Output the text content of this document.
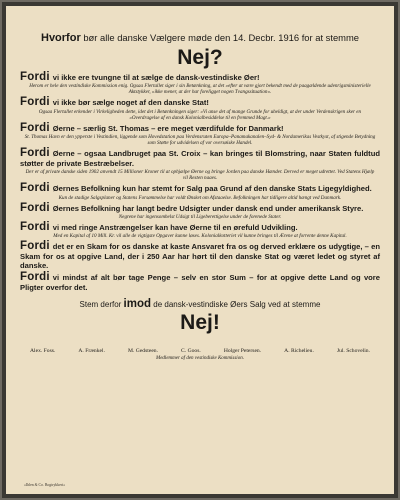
Hvorfor bør alle danske Vælgere møde den 14. Decbr. 1916 for at stemme
Nej?
Fordi vi ikke ere tvungne til at sælge de dansk-vestindiske Øer!
Herom er hele den vestindiske Kommission enig. Ogsaa Flertallet siger i sin Betænkning, at det »efter at være gjort bekendt med de paagældende udenrigsministerielle Aktstykker, »ikke mener, at der har foreligget nogen Tvangssituation«.
Fordi vi ikke bør sælge noget af den danske Stat!
Ogsaa Flertallet erkender i Virkeligheden dette, idet det i Betænkningen siger: »Vi anse det af mange Grunde for uheldigt, at der under Verdenskrigen sker en »Overdragelse af en dansk Kolonialbesiddelse til en fremmed Magt.«
Fordi Øerne – særlig St. Thomas – ere meget værdifulde for Danmark!
St. Thomas Havn er den ypperste i Vestindien, liggende som Hovedstation paa Verdensruten Europa–Panamakanalen–Syd- & Nordamerikas Vestkyst, af stigende Betydning som Støtte for udvidelsen af vor oversøiske Handel.
Fordi Øerne – ogsaa Landbruget paa St. Croix – kan bringes til Blomstring, naar Staten fuldtud støtter de private Bestræbelser.
Der er af private danske siden 1902 anvendt 15 Millioner Kroner til at ophjælpe Øerne og bringe Jorden paa danske Hænder. Derved er meget udrettet. Ved Statens Hjælp vil Resten naaes.
Fordi Øernes Befolkning kun har stemt for Salg paa Grund af den danske Stats Ligegyldighed.
Kun de stadige Salgsplaner og Statens Forsømmelse har voldt Ønsket om Afstaaelse. Befolkningen har tidligere altid hængt ved Danmark.
Fordi Øernes Befolkning har langt bedre Udsigter under dansk end under amerikansk Styre.
Negrene har ingensomhelst Udsigt til Ligeberettigelse under de forenede Stater.
Fordi vi med ringe Anstrængelser kan have Øerne til en ørefuld Udvikling.
Med en Kapital af 10 Mill. Kr. vil alle de vigtigste Opgaver kunne løses. Kolonialkotteriet vil kunne bringes til Ærene at forrente denne Kapital.
Fordi det er en Skam for os danske at kaste Ansvaret fra os og derved erklære os udygtige, – en Skam for os at opgive Land, der i 250 Aar har hørt til den danske Stat og været ledet og styret af danske.
Fordi vi mindst af alt bør tage Penge – selv en stor Sum – for at opgive dette Land og vore Pligter overfor det.
Stem derfor imod de dansk-vestindiske Øers Salg ved at stemme
Nej!
Alex. Foss.	A. Frænkel.	M. Gedsteen.	C. Goos.	Holger Petersen.	A. Richelieu.	Jul. Schovelin.
Medlemmer af den vestindiske Kommission.
»Ihlen & Co. Bogtrykkeri«
